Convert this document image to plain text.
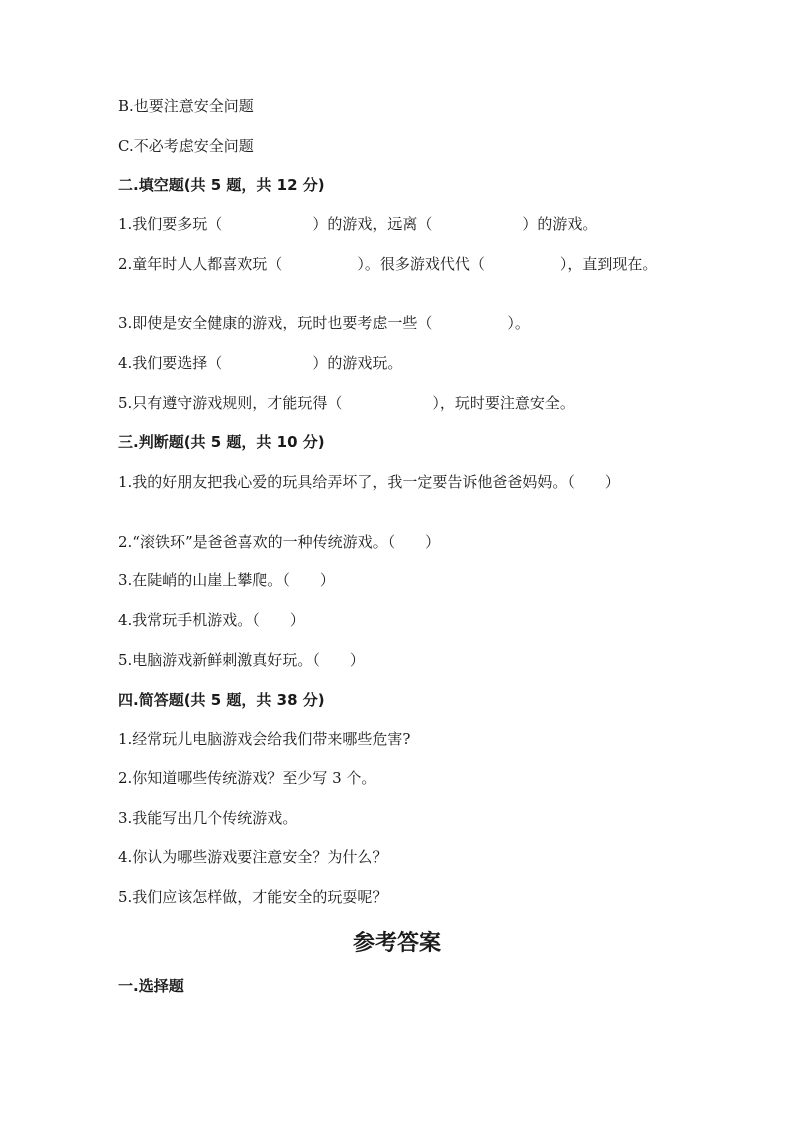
B.也要注意安全问题
C.不必考虑安全问题
二.填空题(共 5 题，共 12 分)
1.我们要多玩（　　　　　　）的游戏，远离（　　　　　　）的游戏。
2.童年时人人都喜欢玩（　　　　　）。很多游戏代代（　　　　　），直到现在。
3.即使是安全健康的游戏，玩时也要考虑一些（　　　　　）。
4.我们要选择（　　　　　　）的游戏玩。
5.只有遵守游戏规则，才能玩得（　　　　　　），玩时要注意安全。
三.判断题(共 5 题，共 10 分)
1.我的好朋友把我心爱的玩具给弄坏了，我一定要告诉他爸爸妈妈。（　　）
2.“滚铁环”是爸爸喜欢的一种传统游戏。（　　）
3.在陡峭的山崖上攀爬。（　　）
4.我常玩手机游戏。（　　）
5.电脑游戏新鲜刺激真好玩。（　　）
四.简答题(共 5 题，共 38 分)
1.经常玩儿电脑游戏会给我们带来哪些危害?
2.你知道哪些传统游戏？至少写 3 个。
3.我能写出几个传统游戏。
4.你认为哪些游戏要注意安全？为什么？
5.我们应该怎样做，才能安全的玩耍呢？
参考答案
一.选择题
